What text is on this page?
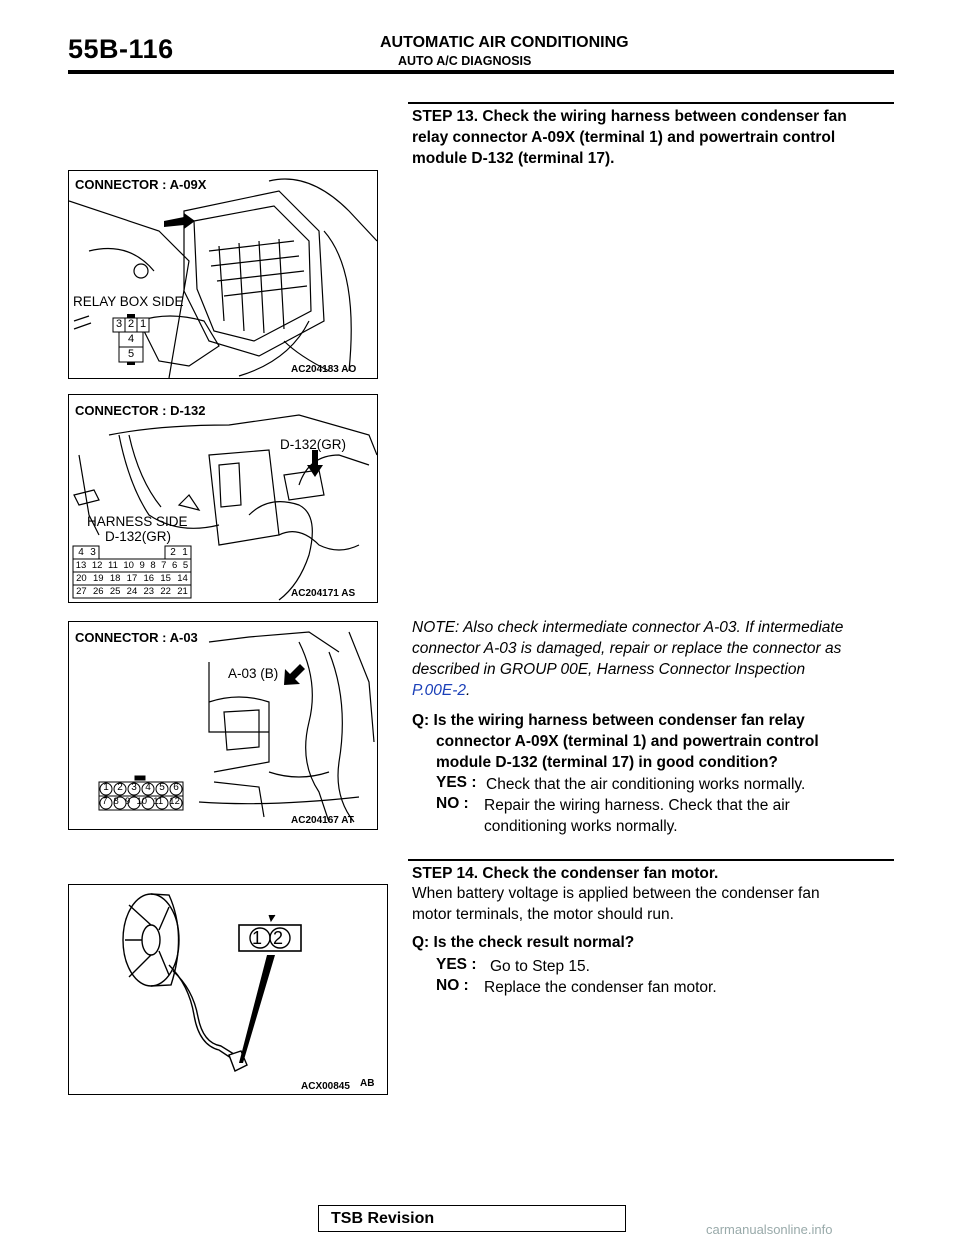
55B-116	AUTOMATIC AIR CONDITIONING
AUTO A/C DIAGNOSIS
CONNECTOR : A-09X
RELAY BOX SIDE
3 2 1
4
5
AC204183 AO
CONNECTOR : D-132
D-132(GR)
HARNESS SIDE
D-132(GR)
4 3	2 1
13 12 11 10 9 8 7 6 5
20 19 18 17 16 15 14
27 26 25 24 23 22 21	AC204171 AS
CONNECTOR : A-03
A-03 (B)
1 2 3 4 5 6
7 8 9 10 11 12
AC204167 AT
1 2
ACX00845 AB
STEP 13. Check the wiring harness between condenser fan
relay connector A-09X (terminal 1) and powertrain control
module D-132 (terminal 17).
NOTE: Also check intermediate connector A-03. If intermediate
connector A-03 is damaged, repair or replace the connector as
described in GROUP 00E, Harness Connector Inspection
P.00E-2.
Q: Is the wiring harness between condenser fan relay
connector A-09X (terminal 1) and powertrain control
module D-132 (terminal 17) in good condition?
YES : Check that the air conditioning works normally.
NO : Repair the wiring harness. Check that the air
conditioning works normally.
STEP 14. Check the condenser fan motor.
When battery voltage is applied between the condenser fan
motor terminals, the motor should run.
Q: Is the check result normal?
YES : Go to Step 15.
NO : Replace the condenser fan motor.
TSB Revision
carmanualsonline.info
